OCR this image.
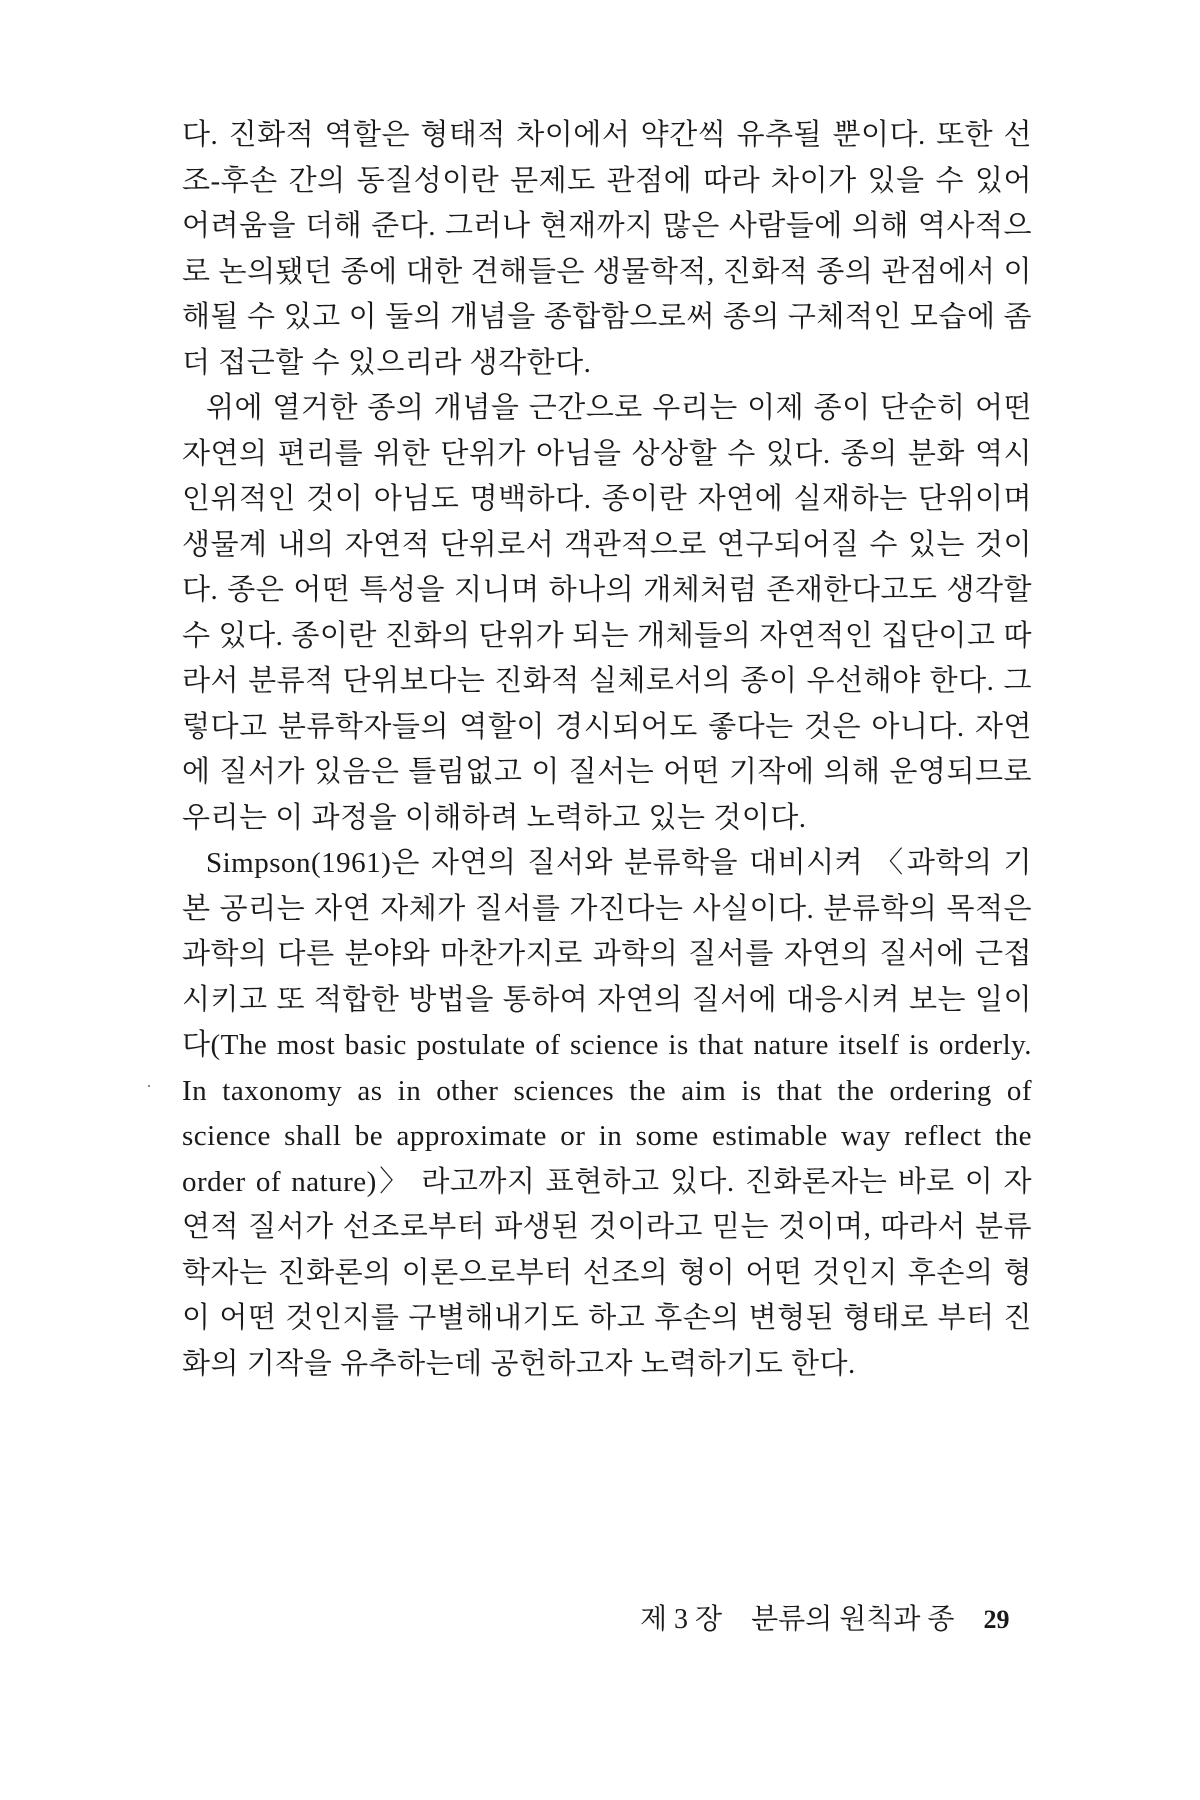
다. 진화적 역할은 형태적 차이에서 약간씩 유추될 뿐이다. 또한 선조-후손 간의 동질성이란 문제도 관점에 따라 차이가 있을 수 있어 어려움을 더해 준다. 그러나 현재까지 많은 사람들에 의해 역사적으로 논의됐던 종에 대한 견해들은 생물학적, 진화적 종의 관점에서 이해될 수 있고 이 둘의 개념을 종합함으로써 종의 구체적인 모습에 좀더 접근할 수 있으리라 생각한다.

위에 열거한 종의 개념을 근간으로 우리는 이제 종이 단순히 어떤 자연의 편리를 위한 단위가 아님을 상상할 수 있다. 종의 분화 역시 인위적인 것이 아님도 명백하다. 종이란 자연에 실재하는 단위이며 생물계 내의 자연적 단위로서 객관적으로 연구되어질 수 있는 것이다. 종은 어떤 특성을 지니며 하나의 개체처럼 존재한다고도 생각할 수 있다. 종이란 진화의 단위가 되는 개체들의 자연적인 집단이고 따라서 분류적 단위보다는 진화적 실체로서의 종이 우선해야 한다. 그렇다고 분류학자들의 역할이 경시되어도 좋다는 것은 아니다. 자연에 질서가 있음은 틀림없고 이 질서는 어떤 기작에 의해 운영되므로 우리는 이 과정을 이해하려 노력하고 있는 것이다.

Simpson(1961)은 자연의 질서와 분류학을 대비시켜 〈과학의 기본 공리는 자연 자체가 질서를 가진다는 사실이다. 분류학의 목적은 과학의 다른 분야와 마찬가지로 과학의 질서를 자연의 질서에 근접시키고 또 적합한 방법을 통하여 자연의 질서에 대응시켜 보는 일이다(The most basic postulate of science is that nature itself is orderly. In taxonomy as in other sciences the aim is that the ordering of science shall be approximate or in some estimable way reflect the order of nature)〉 라고까지 표현하고 있다. 진화론자는 바로 이 자연적 질서가 선조로부터 파생된 것이라고 믿는 것이며, 따라서 분류학자는 진화론의 이론으로부터 선조의 형이 어떤 것인지 후손의 형이 어떤 것인지를 구별해내기도 하고 후손의 변형된 형태로 부터 진화의 기작을 유추하는데 공헌하고자 노력하기도 한다.

제 3 장 분류의 원칙과 종 29
